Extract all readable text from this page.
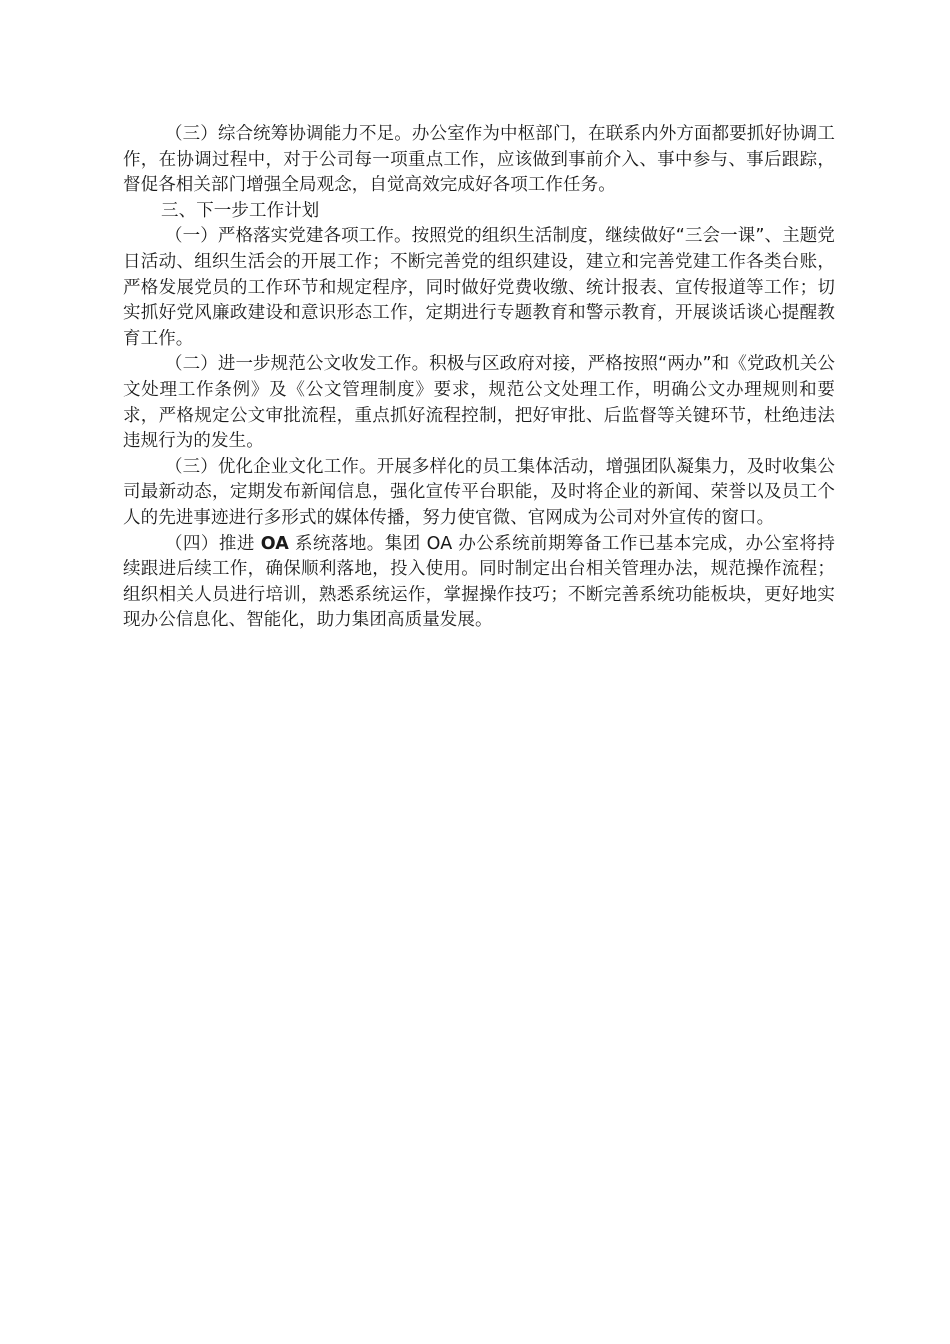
（三）综合统筹协调能力不足。办公室作为中枢部门，在联系内外方面都要抓好协调工作，在协调过程中，对于公司每一项重点工作，应该做到事前介入、事中参与、事后跟踪，督促各相关部门增强全局观念，自觉高效完成好各项工作任务。

三、下一步工作计划

（一）严格落实党建各项工作。按照党的组织生活制度，继续做好“三会一课”、主题党日活动、组织生活会的开展工作；不断完善党的组织建设，建立和完善党建工作各类台账，严格发展党员的工作环节和规定程序，同时做好党费收缴、统计报表、宣传报道等工作；切实抓好党风廉政建设和意识形态工作，定期进行专题教育和警示教育，开展谈话谈心提醒教育工作。

（二）进一步规范公文收发工作。积极与区政府对接，严格按照“两办”和《党政机关公文处理工作条例》及《公文管理制度》要求，规范公文处理工作，明确公文办理规则和要求，严格规定公文审批流程，重点抓好流程控制，把好审批、后监督等关键环节，杜绝违法违规行为的发生。

（三）优化企业文化工作。开展多样化的员工集体活动，增强团队凝集力，及时收集公司最新动态，定期发布新闻信息，强化宣传平台职能，及时将企业的新闻、荣誉以及员工个人的先进事迹进行多形式的媒体传播，努力使官微、官网成为公司对外宣传的窗口。

（四）推进 OA 系统落地。集团 OA 办公系统前期筹备工作已基本完成，办公室将持续跟进后续工作，确保顺利落地，投入使用。同时制定出台相关管理办法，规范操作流程；组织相关人员进行培训，熟悉系统运作，掌握操作技巧；不断完善系统功能板块，更好地实现办公信息化、智能化，助力集团高质量发展。
